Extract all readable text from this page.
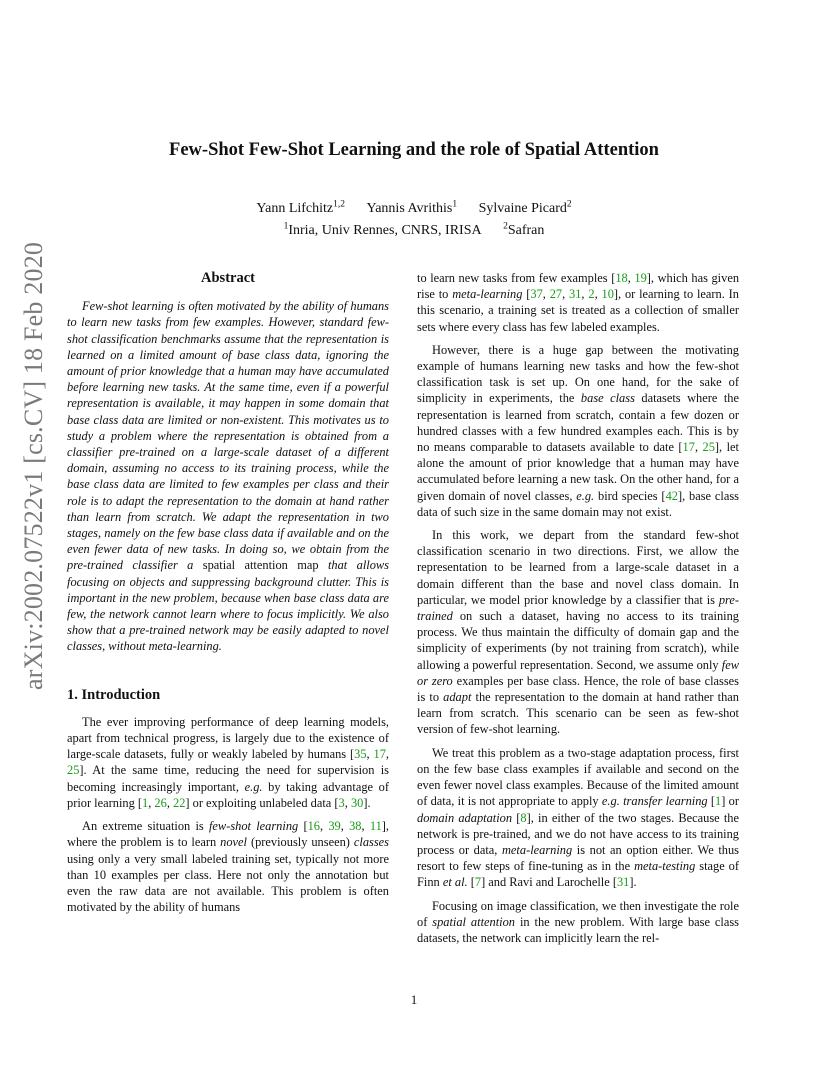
arXiv:2002.07522v1 [cs.CV] 18 Feb 2020
Few-Shot Few-Shot Learning and the role of Spatial Attention
Yann Lifchitz$^{1,2}$ Yannis Avrithis$^1$ Sylvaine Picard$^2$
$^1$Inria, Univ Rennes, CNRS, IRISA $^2$Safran
Abstract

Few-shot learning is often motivated by the ability of humans to learn new tasks from few examples. However, standard few-shot classification benchmarks assume that the representation is learned on a limited amount of base class data, ignoring the amount of prior knowledge that a human may have accumulated before learning new tasks. At the same time, even if a powerful representation is available, it may happen in some domain that base class data are limited or non-existent. This motivates us to study a problem where the representation is obtained from a classifier pre-trained on a large-scale dataset of a different domain, assuming no access to its training process, while the base class data are limited to few examples per class and their role is to adapt the representation to the domain at hand rather than learn from scratch. We adapt the representation in two stages, namely on the few base class data if available and on the even fewer data of new tasks. In doing so, we obtain from the pre-trained classifier a spatial attention map that allows focusing on objects and suppressing background clutter. This is important in the new problem, because when base class data are few, the network cannot learn where to focus implicitly. We also show that a pre-trained network may be easily adapted to novel classes, without meta-learning.

1. Introduction

The ever improving performance of deep learning models, apart from technical progress, is largely due to the existence of large-scale datasets, fully or weakly labeled by humans [35, 17, 25]. At the same time, reducing the need for supervision is becoming increasingly important, e.g. by taking advantage of prior learning [1, 26, 22] or exploiting unlabeled data [3, 30].

An extreme situation is few-shot learning [16, 39, 38, 11], where the problem is to learn novel (previously unseen) classes using only a very small labeled training set, typically not more than 10 examples per class. Here not only the annotation but even the raw data are not available. This problem is often motivated by the ability of humans

to learn new tasks from few examples [18, 19], which has given rise to meta-learning [37, 27, 31, 2, 10], or learning to learn. In this scenario, a training set is treated as a collection of smaller sets where every class has few labeled examples.

However, there is a huge gap between the motivating example of humans learning new tasks and how the few-shot classification task is set up. On one hand, for the sake of simplicity in experiments, the base class datasets where the representation is learned from scratch, contain a few dozen or hundred classes with a few hundred examples each. This is by no means comparable to datasets available to date [17, 25], let alone the amount of prior knowledge that a human may have accumulated before learning a new task. On the other hand, for a given domain of novel classes, e.g. bird species [42], base class data of such size in the same domain may not exist.

In this work, we depart from the standard few-shot classification scenario in two directions. First, we allow the representation to be learned from a large-scale dataset in a domain different than the base and novel class domain. In particular, we model prior knowledge by a classifier that is pre-trained on such a dataset, having no access to its training process. We thus maintain the difficulty of domain gap and the simplicity of experiments (by not training from scratch), while allowing a powerful representation. Second, we assume only few or zero examples per base class. Hence, the role of base classes is to adapt the representation to the domain at hand rather than learn from scratch. This scenario can be seen as few-shot version of few-shot learning.

We treat this problem as a two-stage adaptation process, first on the few base class examples if available and second on the even fewer novel class examples. Because of the limited amount of data, it is not appropriate to apply e.g. transfer learning [1] or domain adaptation [8], in either of the two stages. Because the network is pre-trained, and we do not have access to its training process or data, meta-learning is not an option either. We thus resort to few steps of fine-tuning as in the meta-testing stage of Finn et al. [7] and Ravi and Larochelle [31].

Focusing on image classification, we then investigate the role of spatial attention in the new problem. With large base class datasets, the network can implicitly learn the rel-

1
